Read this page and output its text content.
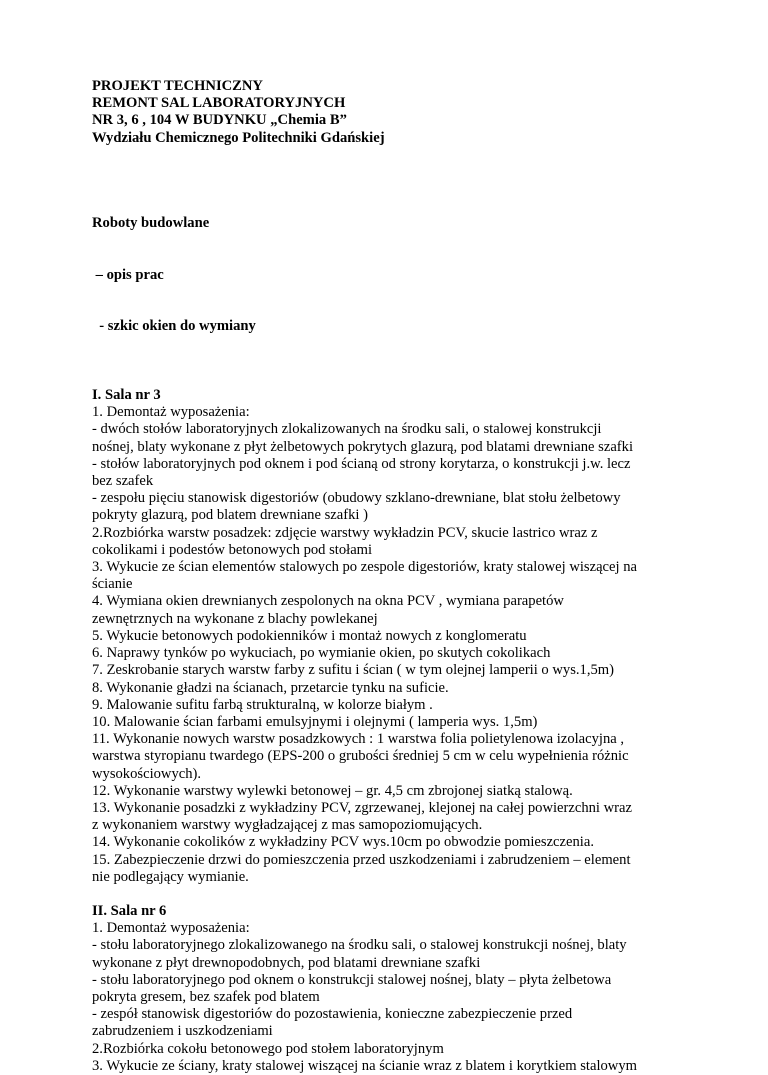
PROJEKT TECHNICZNY
REMONT SAL LABORATORYJNYCH
NR 3, 6 , 104 W BUDYNKU „Chemia B”
Wydziału Chemicznego Politechniki Gdańskiej

Roboty budowlane

– opis prac

- szkic okien do wymiany

I. Sala nr 3
1. Demontaż wyposażenia:
- dwóch stołów laboratoryjnych zlokalizowanych na środku sali, o stalowej konstrukcji
nośnej, blaty wykonane z płyt żelbetowych pokrytych glazurą, pod blatami drewniane szafki
- stołów laboratoryjnych pod oknem i pod ścianą od strony korytarza, o konstrukcji j.w. lecz
bez szafek
- zespołu pięciu stanowisk digestoriów (obudowy szklano-drewniane, blat stołu żelbetowy
pokryty glazurą, pod blatem drewniane szafki )
2.Rozbiórka warstw posadzek: zdjęcie warstwy wykładzin PCV, skucie lastrico wraz z
cokolikami i podestów betonowych pod stołami
3. Wykucie ze ścian elementów stalowych po zespole digestoriów, kraty stalowej wiszącej na
ścianie
4. Wymiana okien drewnianych zespolonych na okna PCV , wymiana parapetów
zewnętrznych na wykonane z blachy powlekanej
5. Wykucie betonowych podokienników i montaż nowych z konglomeratu
6. Naprawy tynków po wykuciach, po wymianie okien, po skutych cokolikach
7. Zeskrobanie starych warstw farby z sufitu i ścian ( w tym olejnej lamperii o wys.1,5m)
8. Wykonanie gładzi na ścianach, przetarcie tynku na suficie.
9. Malowanie sufitu farbą strukturalną, w kolorze białym .
10. Malowanie ścian farbami emulsyjnymi i olejnymi ( lamperia wys. 1,5m)
11. Wykonanie nowych warstw posadzkowych : 1 warstwa folia polietylenowa izolacyjna ,
warstwa styropianu twardego (EPS-200 o grubości średniej 5 cm w celu wypełnienia różnic
wysokościowych).
12. Wykonanie warstwy wylewki betonowej – gr. 4,5 cm zbrojonej siatką stalową.
13. Wykonanie posadzki z wykładziny PCV, zgrzewanej, klejonej na całej powierzchni wraz
z wykonaniem warstwy wygładzającej z mas samopoziomujących.
14. Wykonanie cokolików z wykładziny PCV wys.10cm po obwodzie pomieszczenia.
15. Zabezpieczenie drzwi do pomieszczenia przed uszkodzeniami i zabrudzeniem – element
nie podlegający wymianie.
II. Sala nr 6
1. Demontaż wyposażenia:
- stołu laboratoryjnego zlokalizowanego na środku sali, o stalowej konstrukcji nośnej, blaty
wykonane z płyt drewnopodobnych, pod blatami drewniane szafki
- stołu laboratoryjnego pod oknem o konstrukcji stalowej nośnej, blaty – płyta żelbetowa
pokryta gresem, bez szafek pod blatem
- zespół stanowisk digestoriów do pozostawienia, konieczne zabezpieczenie przed
zabrudzeniem i uszkodzeniami
2.Rozbiórka cokołu betonowego pod stołem laboratoryjnym
3. Wykucie ze ściany, kraty stalowej wiszącej na ścianie wraz z blatem i korytkiem stalowym
